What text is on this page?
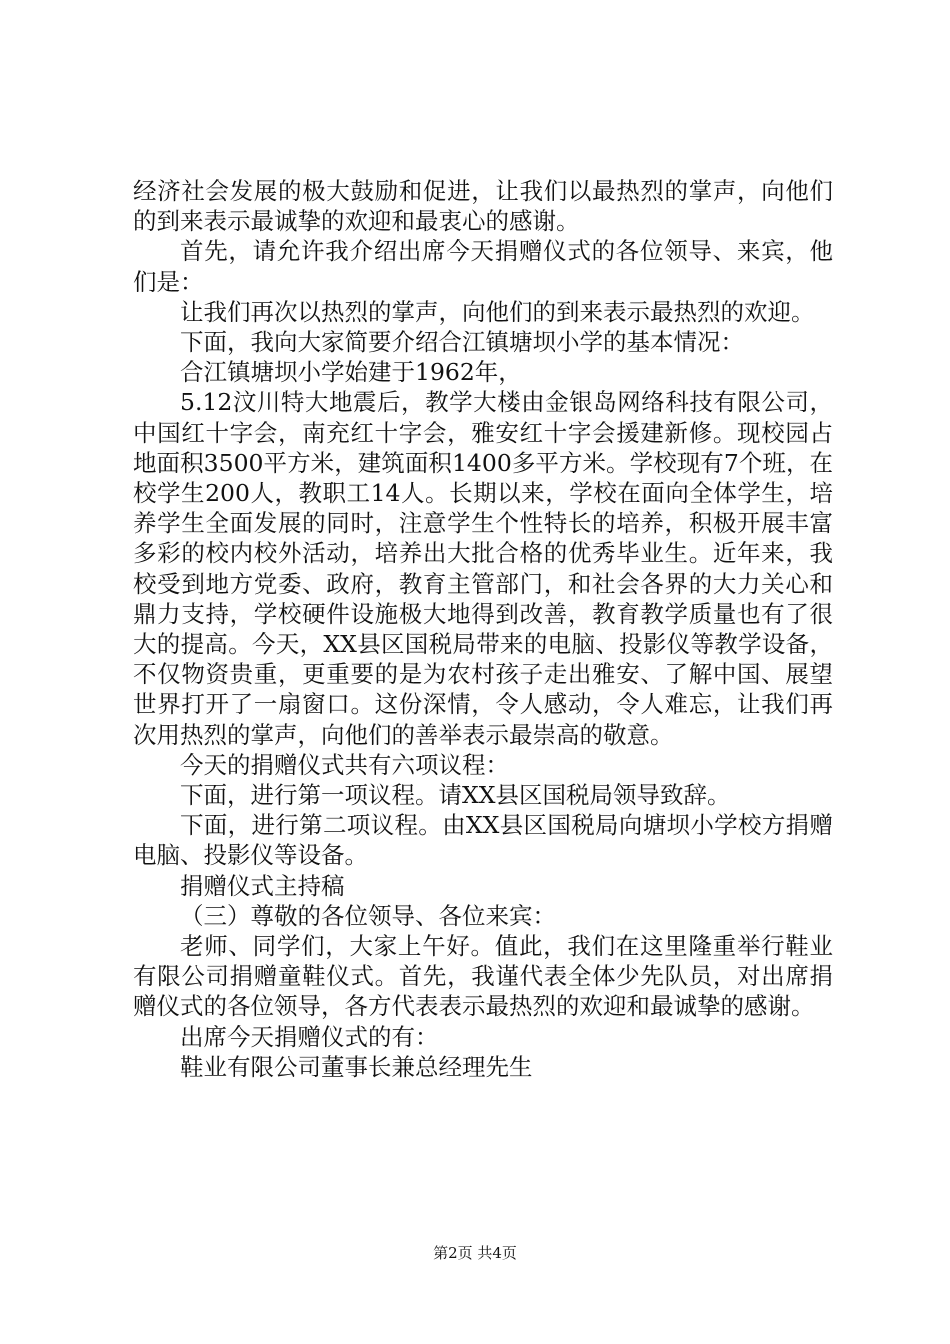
经济社会发展的极大鼓励和促进，让我们以最热烈的掌声，向他们的到来表示最诚挚的欢迎和最衷心的感谢。

首先，请允许我介绍出席今天捐赠仪式的各位领导、来宾，他们是：

让我们再次以热烈的掌声，向他们的到来表示最热烈的欢迎。

下面，我向大家简要介绍合江镇塘坝小学的基本情况：

合江镇塘坝小学始建于1962年，

5.12汶川特大地震后，教学大楼由金银岛网络科技有限公司，中国红十字会，南充红十字会，雅安红十字会援建新修。现校园占地面积3500平方米，建筑面积1400多平方米。学校现有7个班，在校学生200人，教职工14人。长期以来，学校在面向全体学生，培养学生全面发展的同时，注意学生个性特长的培养，积极开展丰富多彩的校内校外活动，培养出大批合格的优秀毕业生。近年来，我校受到地方党委、政府，教育主管部门，和社会各界的大力关心和鼎力支持，学校硬件设施极大地得到改善，教育教学质量也有了很大的提高。今天，XX县区国税局带来的电脑、投影仪等教学设备，不仅物资贵重，更重要的是为农村孩子走出雅安、了解中国、展望世界打开了一扇窗口。这份深情，令人感动，令人难忘，让我们再次用热烈的掌声，向他们的善举表示最崇高的敬意。

今天的捐赠仪式共有六项议程：

下面，进行第一项议程。请XX县区国税局领导致辞。

下面，进行第二项议程。由XX县区国税局向塘坝小学校方捐赠电脑、投影仪等设备。

捐赠仪式主持稿

（三）尊敬的各位领导、各位来宾：

老师、同学们，大家上午好。值此，我们在这里隆重举行鞋业有限公司捐赠童鞋仪式。首先，我谨代表全体少先队员，对出席捐赠仪式的各位领导，各方代表表示最热烈的欢迎和最诚挚的感谢。

出席今天捐赠仪式的有：

鞋业有限公司董事长兼总经理先生

第2页 共4页
